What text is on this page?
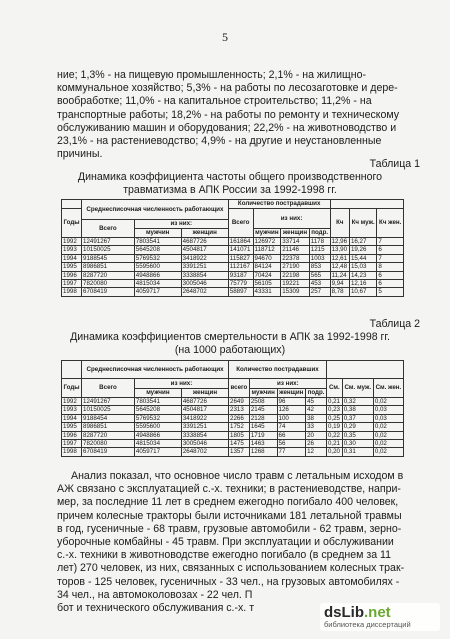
5
ние; 1,3% - на пищевую промышленность; 2,1% - на жилищно-
коммунальное хозяйство; 5,3% - на работы по лесозаготовке и дере-
вообработке; 11,0% - на капитальное строительство; 11,2% - на
транспортные работы; 18,2% - на работы по ремонту и техническому
обслуживанию машин и оборудования; 22,2% - на животноводство и
23,1% - на растениеводство; 4,9% - на другие и неустановленные
причины.
Таблица 1
Динамика коэффициента частоты общего производственного
травматизма в АПК России за 1992-1998 гг.
	Среднесписочная численность работающих			Количество пострадавших						
Годы				Всего	из них:			Кч	Кч муж.	Кч жен.
	Всего	из них:								
		мужчин	женщин		мужчин	женщин	подр.			
1992	12491267	7803541	4687726	161864	126972	33714	1178	12,96	16,27	7
1993	10150025	5645208	4504817	141071	118712	21146	1215	13,90	19,26	6
1994	9188545	5769532	3418922	115827	94670	22378	1003	12,61	15,44	7
1995	8986851	5595600	3391251	112167	84124	27190	853	12,48	15,03	8
1996	8287720	4948866	3338854	93187	70424	22198	565	11,24	14,23	6
1997	7820080	4815034	3005046	75779	56105	19221	453	9,94	12,16	6
1998	6708419	4059717	2648702	58897	43331	15309	257	8,78	10,67	5
Таблица 2
Динамика коэффициентов смертельности в АПК за 1992-1998 гг.
(на 1000 работающих)
	Среднесписочная численность работающих			Количество пострадавших						
Годы	Всего	из них:		всего	из них:			См.	См. муж.	См. жен.
		мужчин	женщин		мужчин	женщин	подр.			
1992	12491267	7803541	4687726	2649	2508	96	45	0,21	0,32	0,02
1993	10150025	5645208	4504817	2313	2145	126	42	0,23	0,38	0,03
1994	9188454	5769532	3418922	2266	2128	100	38	0,25	0,37	0,03
1995	8986851	5595600	3391251	1752	1645	74	33	0,19	0,29	0,02
1996	8287720	4948866	3338854	1805	1719	66	20	0,22	0,35	0,02
1997	7820080	4815034	3005046	1475	1463	56	26	0,21	0,30	0,02
1998	6708419	4059717	2648702	1357	1268	77	12	0,20	0,31	0,02
Анализ показал, что основное число травм с летальным исходом в
АЖ связано с эксплуатацией с.-х. техники; в растениеводстве, напри-
мер, за последние 11 лет в среднем ежегодно погибало 400 человек,
причем колесные тракторы были источниками 181 летальной травмы
в год, гусеничные - 68 травм, грузовые автомобили - 62 травм, зерно-
уборочные комбайны - 45 травм. При эксплуатации и обслуживании
с.-х. техники в животноводстве ежегодно погибало (в среднем за 11
лет) 270 человек, из них, связанных с использованием колесных трак-
торов - 125 человек, гусеничных - 33 чел., на грузовых автомобилях -
34 чел., на автомоколовозах - 22 чел. П
бот и технического обслуживания с.-х. т	dsLib.net
библиотека диссертаций
